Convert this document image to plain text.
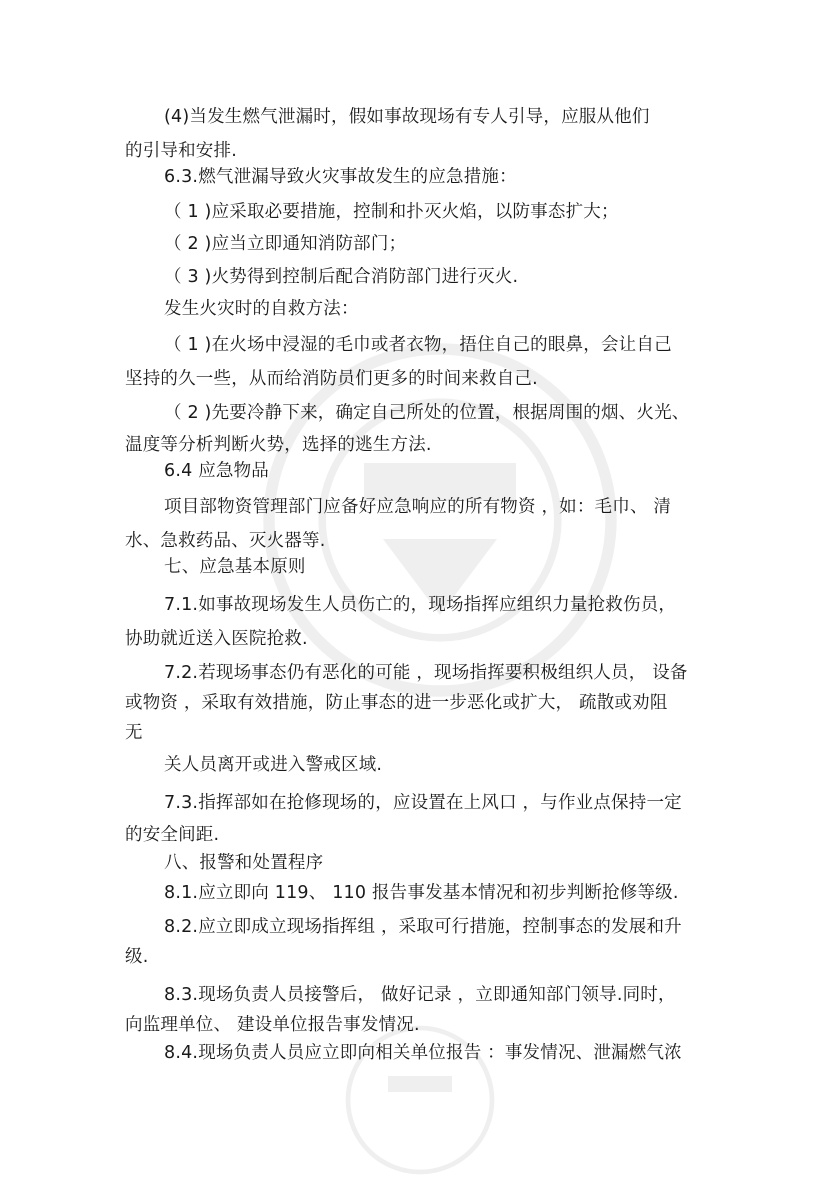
(4)当发生燃气泄漏时，假如事故现场有专人引导，应服从他们
的引导和安排.
6.3.燃气泄漏导致火灾事故发生的应急措施：
（ 1 )应采取必要措施，控制和扑灭火焰，以防事态扩大；
（ 2 )应当立即通知消防部门；
（ 3 )火势得到控制后配合消防部门进行灭火.
发生火灾时的自救方法：
（ 1 )在火场中浸湿的毛巾或者衣物，捂住自己的眼鼻，会让自己
坚持的久一些，从而给消防员们更多的时间来救自己.
（ 2 )先要冷静下来，确定自己所处的位置，根据周围的烟、火光、
温度等分析判断火势，选择的逃生方法.
6.4 应急物品
项目部物资管理部门应备好应急响应的所有物资 ，如：毛巾、 清
水、急救药品、灭火器等.
七、应急基本原则
7.1.如事故现场发生人员伤亡的，现场指挥应组织力量抢救伤员，
协助就近送入医院抢救.
7.2.若现场事态仍有恶化的可能 ，现场指挥要积极组织人员， 设备
或物资 ，采取有效措施，防止事态的进一步恶化或扩大， 疏散或劝阻
无
关人员离开或进入警戒区域.
7.3.指挥部如在抢修现场的，应设置在上风口 ，与作业点保持一定
的安全间距.
八、报警和处置程序
8.1.应立即向 119、 110 报告事发基本情况和初步判断抢修等级.
8.2.应立即成立现场指挥组 ，采取可行措施，控制事态的发展和升
级.
8.3.现场负责人员接警后， 做好记录 ，立即通知部门领导.同时，
向监理单位、 建设单位报告事发情况.
8.4.现场负责人员应立即向相关单位报告 ：事发情况、泄漏燃气浓
